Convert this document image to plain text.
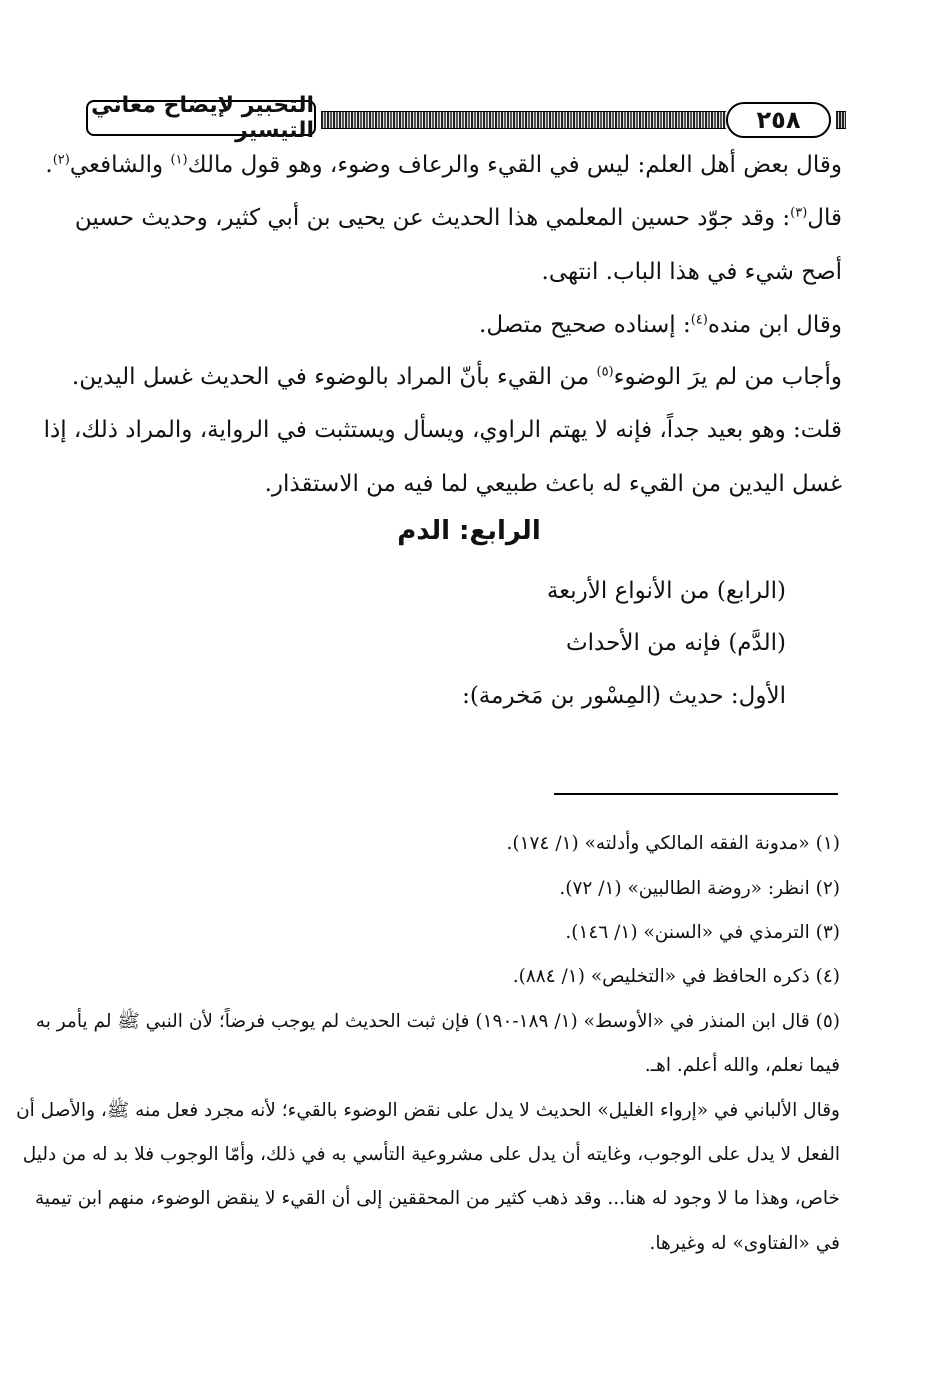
التحبير لإيضاح معاني التيسير	٢٥٨
وقال بعض أهل العلم: ليس في القيء والرعاف وضوء، وهو قول مالك$^{(١)}$ والشافعي$^{(٢)}$.
قال$^{(٣)}$: وقد جوّد حسين المعلمي هذا الحديث عن يحيى بن أبي كثير، وحديث حسين
أصح شيء في هذا الباب. انتهى.
وقال ابن منده$^{(٤)}$: إسناده صحيح متصل.
وأجاب من لم يرَ الوضوء$^{(٥)}$ من القيء بأنّ المراد بالوضوء في الحديث غسل اليدين.
قلت: وهو بعيد جداً، فإنه لا يهتم الراوي، ويسأل ويستثبت في الرواية، والمراد ذلك، إذا
غسل اليدين من القيء له باعث طبيعي لما فيه من الاستقذار.
الرابع: الدم
(الرابع) من الأنواع الأربعة
(الدَّم) فإنه من الأحداث
الأول: حديث (المِسْور بن مَخرمة):
(١) «مدونة الفقه المالكي وأدلته» (١/ ١٧٤).
(٢) انظر: «روضة الطالبين» (١/ ٧٢).
(٣) الترمذي في «السنن» (١/ ١٤٦).
(٤) ذكره الحافظ في «التخليص» (١/ ٨٨٤).
(٥) قال ابن المنذر في «الأوسط» (١/ ١٨٩-١٩٠) فإن ثبت الحديث لم يوجب فرضاً؛ لأن النبي ﷺ لم يأمر به
فيما نعلم، والله أعلم. اهـ.
وقال الألباني في «إرواء الغليل» الحديث لا يدل على نقض الوضوء بالقيء؛ لأنه مجرد فعل منه ﷺ، والأصل أن
الفعل لا يدل على الوجوب، وغايته أن يدل على مشروعية التأسي به في ذلك، وأمّا الوجوب فلا بد له من دليل
خاص، وهذا ما لا وجود له هنا... وقد ذهب كثير من المحققين إلى أن القيء لا ينقض الوضوء، منهم ابن تيمية
في «الفتاوى» له وغيرها.
